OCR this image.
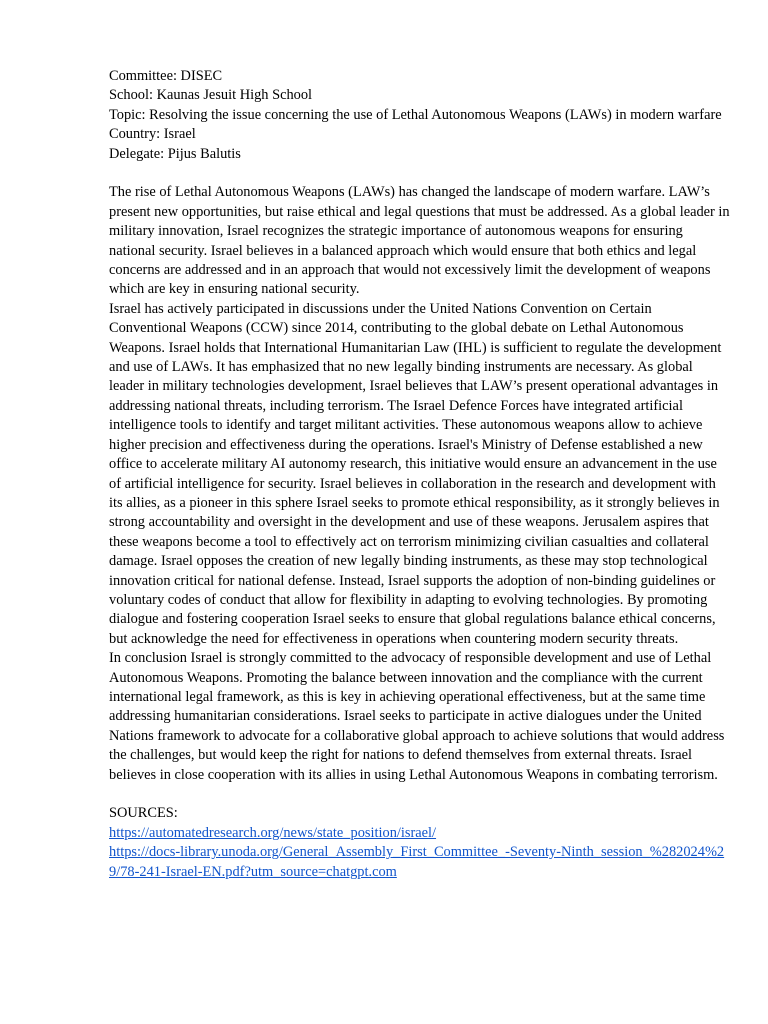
Committee: DISEC
School: Kaunas Jesuit High School
Topic: Resolving the issue concerning the use of Lethal Autonomous Weapons (LAWs) in modern warfare
Country: Israel
Delegate: Pijus Balutis

The rise of Lethal Autonomous Weapons (LAWs) has changed the landscape of modern warfare. LAW’s present new opportunities, but raise ethical and legal questions that must be addressed. As a global leader in military innovation, Israel recognizes the strategic importance of autonomous weapons for ensuring national security. Israel believes in a balanced approach which would ensure that both ethics and legal concerns are addressed and in an approach that would not excessively limit the development of weapons which are key in ensuring national security.

Israel has actively participated in discussions under the United Nations Convention on Certain Conventional Weapons (CCW) since 2014, contributing to the global debate on Lethal Autonomous Weapons. Israel holds that International Humanitarian Law (IHL) is sufficient to regulate the development and use of LAWs. It has emphasized that no new legally binding instruments are necessary. As global leader in military technologies development, Israel believes that LAW’s present operational advantages in addressing national threats, including terrorism. The Israel Defence Forces have integrated artificial intelligence tools to identify and target militant activities. These autonomous weapons allow to achieve higher precision and effectiveness during the operations. Israel's Ministry of Defense established a new office to accelerate military AI autonomy research, this initiative would ensure an advancement in the use of artificial intelligence for security. Israel believes in collaboration in the research and development with its allies, as a pioneer in this sphere Israel seeks to promote ethical responsibility, as it strongly believes in strong accountability and oversight in the development and use of these weapons. Jerusalem aspires that these weapons become a tool to effectively act on terrorism minimizing civilian casualties and collateral damage. Israel opposes the creation of new legally binding instruments, as these may stop technological innovation critical for national defense. Instead, Israel supports the adoption of non-binding guidelines or voluntary codes of conduct that allow for flexibility in adapting to evolving technologies. By promoting dialogue and fostering cooperation Israel seeks to ensure that global regulations balance ethical concerns, but acknowledge the need for effectiveness in operations when countering modern security threats.

In conclusion Israel is strongly committed to the advocacy of responsible development and use of Lethal Autonomous Weapons. Promoting the balance between innovation and the compliance with the current international legal framework, as this is key in achieving operational effectiveness, but at the same time addressing humanitarian considerations. Israel seeks to participate in active dialogues under the United Nations framework to advocate for a collaborative global approach to achieve solutions that would address the challenges, but would keep the right for nations to defend themselves from external threats. Israel believes in close cooperation with its allies in using Lethal Autonomous Weapons in combating terrorism.

SOURCES:
https://automatedresearch.org/news/state_position/israel/
https://docs-library.unoda.org/General_Assembly_First_Committee_-Seventy-Ninth_session_%282024%29/78-241-Israel-EN.pdf?utm_source=chatgpt.com
